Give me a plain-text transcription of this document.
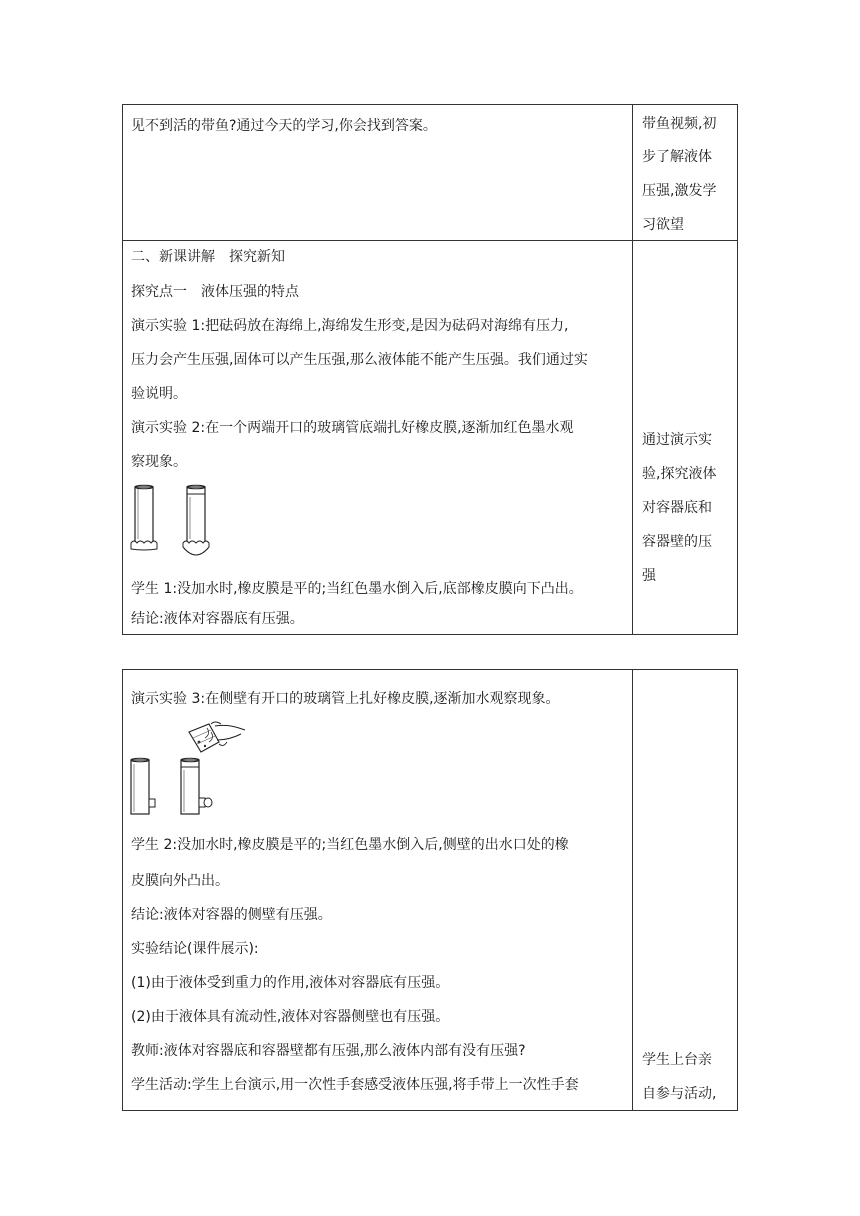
见不到活的带鱼?通过今天的学习,你会找到答案。
二、新课讲解　探究新知
探究点一　液体压强的特点
演示实验 1:把砝码放在海绵上,海绵发生形变,是因为砝码对海绵有压力,
压力会产生压强,固体可以产生压强,那么液体能不能产生压强。我们通过实
验说明。
演示实验 2:在一个两端开口的玻璃管底端扎好橡皮膜,逐渐加红色墨水观
察现象。
学生 1:没加水时,橡皮膜是平的;当红色墨水倒入后,底部橡皮膜向下凸出。
结论:液体对容器底有压强。
带鱼视频,初
步了解液体
压强,激发学
习欲望
通过演示实
验,探究液体
对容器底和
容器壁的压
强
演示实验 3:在侧壁有开口的玻璃管上扎好橡皮膜,逐渐加水观察现象。
学生 2:没加水时,橡皮膜是平的;当红色墨水倒入后,侧壁的出水口处的橡
皮膜向外凸出。
结论:液体对容器的侧壁有压强。
实验结论(课件展示):
(1)由于液体受到重力的作用,液体对容器底有压强。
(2)由于液体具有流动性,液体对容器侧壁也有压强。
教师:液体对容器底和容器壁都有压强,那么液体内部有没有压强?
学生活动:学生上台演示,用一次性手套感受液体压强,将手带上一次性手套
学生上台亲
自参与活动,
